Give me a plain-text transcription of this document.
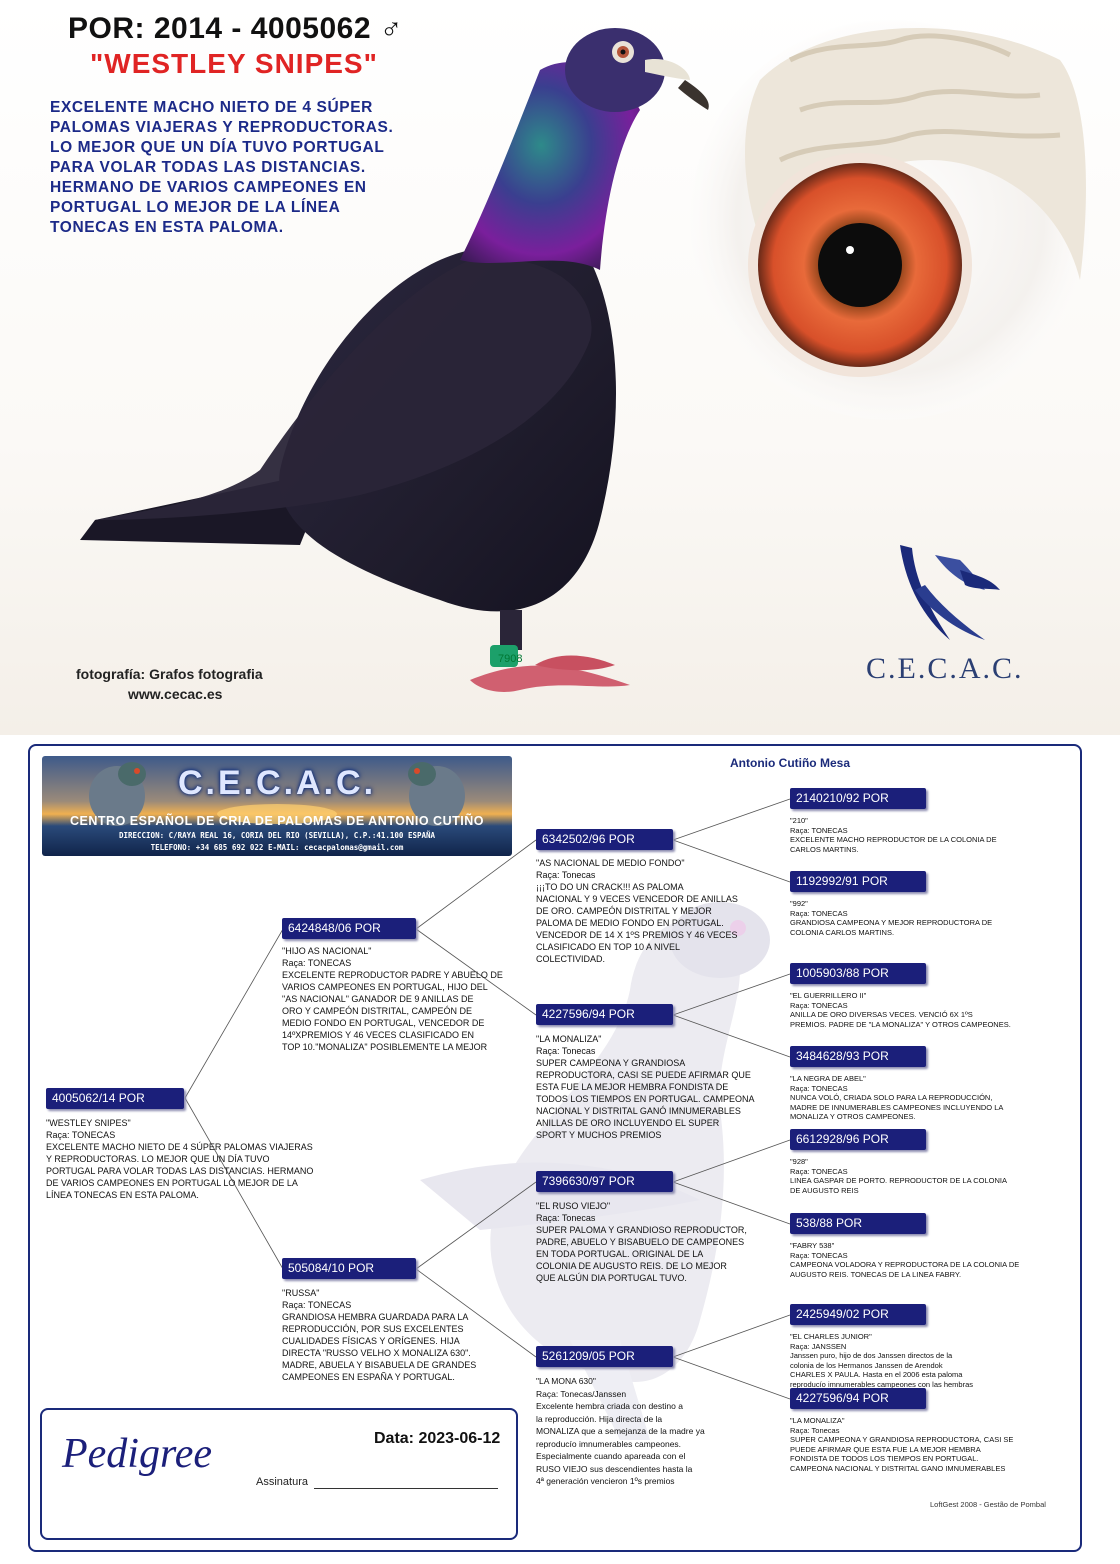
POR: 2014 - 4005062 ♂
"WESTLEY SNIPES"
EXCELENTE MACHO NIETO DE 4 SÚPER
PALOMAS VIAJERAS Y REPRODUCTORAS.
LO MEJOR QUE UN DÍA TUVO PORTUGAL
PARA VOLAR TODAS LAS DISTANCIAS.
HERMANO DE VARIOS CAMPEONES EN
PORTUGAL LO MEJOR DE LA LÍNEA
TONECAS EN ESTA PALOMA.
7908
fotografía: Grafos fotografia
www.cecac.es
C.E.C.A.C.
C.E.C.A.C.
CENTRO ESPAÑOL DE CRIA DE PALOMAS DE ANTONIO CUTIÑO
DIRECCION: C/RAYA REAL 16, CORIA DEL RIO (SEVILLA), C.P.:41.100 ESPAÑA
TELEFONO: +34 685 692 022 E-MAIL: cecacpalomas@gmail.com
Antonio Cutiño Mesa
4005062/14 POR
"WESTLEY SNIPES"
Raça: TONECAS
EXCELENTE MACHO NIETO DE 4 SÚPER PALOMAS VIAJERAS
Y REPRODUCTORAS. LO MEJOR QUE UN DÍA TUVO
PORTUGAL PARA VOLAR TODAS LAS DISTANCIAS. HERMANO
DE VARIOS CAMPEONES EN PORTUGAL LO MEJOR DE LA
LÍNEA TONECAS EN ESTA PALOMA.
6424848/06 POR
"HIJO AS NACIONAL"
Raça: TONECAS
EXCELENTE REPRODUCTOR PADRE Y ABUELO DE
VARIOS CAMPEONES EN PORTUGAL, HIJO DEL
"AS NACIONAL" GANADOR DE 9 ANILLAS DE
ORO Y CAMPEÓN DISTRITAL, CAMPEÓN DE
MEDIO FONDO EN PORTUGAL, VENCEDOR DE
14ºXPREMIOS Y 46 VECES CLASIFICADO EN
TOP 10."MONALIZA" POSIBLEMENTE LA MEJOR
505084/10 POR
"RUSSA"
Raça: TONECAS
GRANDIOSA HEMBRA GUARDADA PARA LA
REPRODUCCIÓN, POR SUS EXCELENTES
CUALIDADES FÍSICAS Y ORÍGENES. HIJA
DIRECTA "RUSSO VELHO X MONALIZA 630".
MADRE, ABUELA Y BISABUELA DE GRANDES
CAMPEONES EN ESPAÑA Y PORTUGAL.
6342502/96 POR
"AS NACIONAL DE MEDIO FONDO"
Raça: Tonecas
¡¡¡TO DO UN CRACK!!! AS PALOMA
NACIONAL Y 9 VECES VENCEDOR DE ANILLAS
DE ORO. CAMPEÓN DISTRITAL Y MEJOR
PALOMA DE MEDIO FONDO EN PORTUGAL.
VENCEDOR DE 14 X 1ºS PREMIOS Y 46 VECES
CLASIFICADO EN TOP 10 A NIVEL
COLECTIVIDAD.
4227596/94 POR
"LA MONALIZA"
Raça: Tonecas
SUPER CAMPEONA Y GRANDIOSA
REPRODUCTORA, CASI SE PUEDE AFIRMAR QUE
ESTA FUE LA MEJOR HEMBRA FONDISTA DE
TODOS LOS TIEMPOS EN PORTUGAL. CAMPEONA
NACIONAL Y DISTRITAL GANÓ IMNUMERABLES
ANILLAS DE ORO INCLUYENDO EL SUPER
SPORT Y MUCHOS PREMIOS
7396630/97 POR
"EL RUSO VIEJO"
Raça: Tonecas
SUPER PALOMA Y GRANDIOSO REPRODUCTOR,
PADRE, ABUELO Y BISABUELO DE CAMPEONES
EN TODA PORTUGAL. ORIGINAL DE LA
COLONIA DE AUGUSTO REIS. DE LO MEJOR
QUE ALGÚN DIA PORTUGAL TUVO.
5261209/05 POR
"LA MONA 630"
Raça: Tonecas/Janssen
Excelente hembra criada con destino a
la reproducción. Hija directa de la
MONALIZA que a semejanza de la madre ya
reproducío imnumerables campeones.
Especialmente cuando apareada con el
RUSO VIEJO sus descendientes hasta la
4ª generación vencieron 1ºs premios
2140210/92 POR
"210"
Raça: TONECAS
EXCELENTE MACHO REPRODUCTOR DE LA COLONIA DE
CARLOS MARTINS.
1192992/91 POR
"992"
Raça: TONECAS
GRANDIOSA CAMPEONA Y MEJOR REPRODUCTORA DE
COLONIA CARLOS MARTINS.
1005903/88 POR
"EL GUERRILLERO II"
Raça: TONECAS
ANILLA DE ORO DIVERSAS VECES. VENCIÓ 6X 1ºS
PREMIOS. PADRE DE "LA MONALIZA" Y OTROS CAMPEONES.
3484628/93 POR
"LA NEGRA DE ABEL"
Raça: TONECAS
NUNCA VOLÓ, CRIADA SOLO PARA LA REPRODUCCIÓN,
MADRE DE INNUMERABLES CAMPEONES INCLUYENDO LA
MONALIZA Y OTROS CAMPEONES.
6612928/96 POR
"928"
Raça: TONECAS
LINEA GASPAR DE PORTO. REPRODUCTOR DE LA COLONIA
DE AUGUSTO REIS
538/88 POR
"FABRY 538"
Raça: TONECAS
CAMPEONA VOLADORA Y REPRODUCTORA DE LA COLONIA DE
AUGUSTO REIS. TONECAS DE LA LINEA FABRY.
2425949/02 POR
"EL CHARLES JUNIOR"
Raça: JANSSEN
Janssen puro, hijo de dos Janssen directos de la
colonia de los Hermanos Janssen de Arendok
CHARLES X PAULA. Hasta en el 2006 esta paloma
reproducío imnumerables campeones con las hembras
4227596/94 POR
"LA MONALIZA"
Raça: Tonecas
SUPER CAMPEONA Y GRANDIOSA REPRODUCTORA, CASI SE
PUEDE AFIRMAR QUE ESTA FUE LA MEJOR HEMBRA
FONDISTA DE TODOS LOS TIEMPOS EN PORTUGAL.
CAMPEONA NACIONAL Y DISTRITAL GANO IMNUMERABLES
Pedigree	Data: 2023-06-12
Assinatura
LoftGest 2008 - Gestão de Pombal
